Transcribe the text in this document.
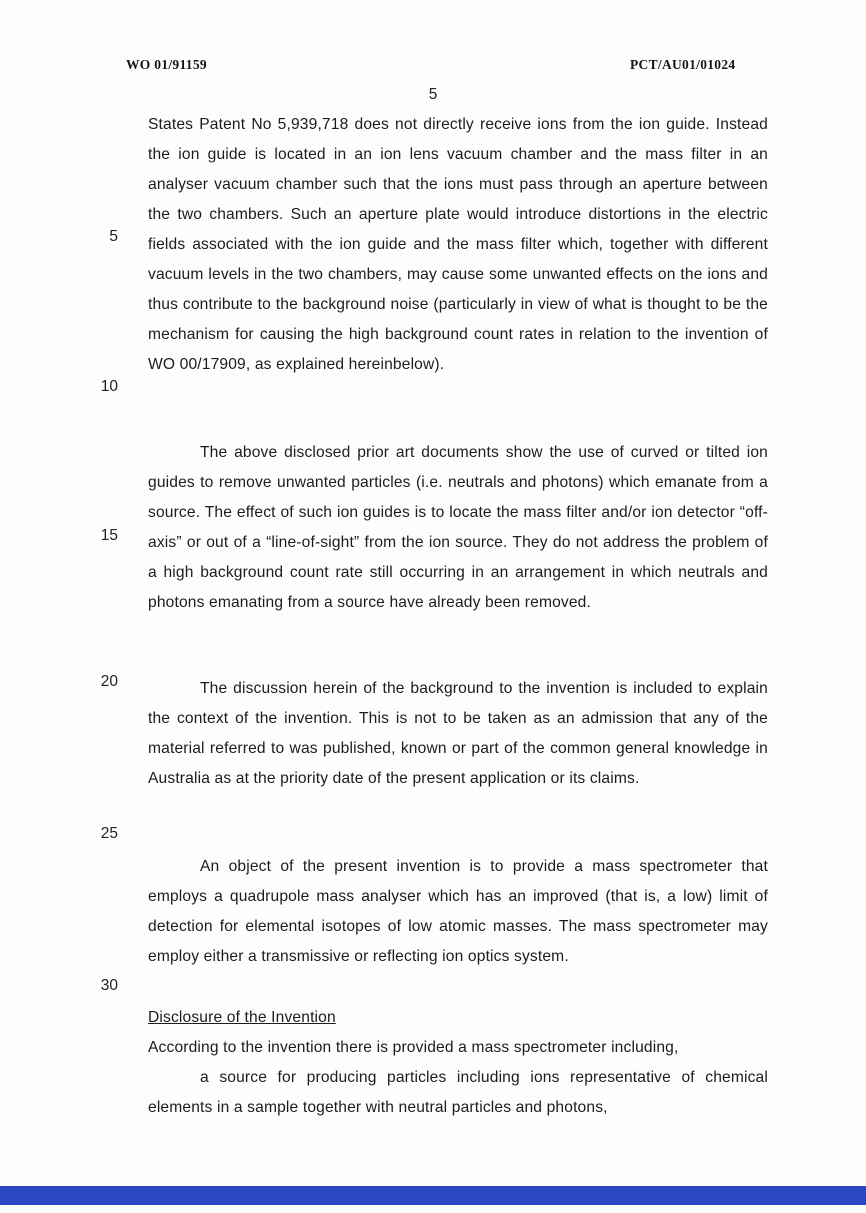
WO 01/91159	PCT/AU01/01024
5
5
10
15
20
25
30
States Patent No 5,939,718 does not directly receive ions from the ion guide. Instead the ion guide is located in an ion lens vacuum chamber and the mass filter in an analyser vacuum chamber such that the ions must pass through an aperture between the two chambers. Such an aperture plate would introduce distortions in the electric fields associated with the ion guide and the mass filter which, together with different vacuum levels in the two chambers, may cause some unwanted effects on the ions and thus contribute to the background noise (particularly in view of what is thought to be the mechanism for causing the high background count rates in relation to the invention of WO 00/17909, as explained hereinbelow).
The above disclosed prior art documents show the use of curved or tilted ion guides to remove unwanted particles (i.e. neutrals and photons) which emanate from a source. The effect of such ion guides is to locate the mass filter and/or ion detector “off-axis” or out of a “line-of-sight” from the ion source. They do not address the problem of a high background count rate still occurring in an arrangement in which neutrals and photons emanating from a source have already been removed.
The discussion herein of the background to the invention is included to explain the context of the invention. This is not to be taken as an admission that any of the material referred to was published, known or part of the common general knowledge in Australia as at the priority date of the present application or its claims.
An object of the present invention is to provide a mass spectrometer that employs a quadrupole mass analyser which has an improved (that is, a low) limit of detection for elemental isotopes of low atomic masses. The mass spectrometer may employ either a transmissive or reflecting ion optics system.
Disclosure of the Invention
According to the invention there is provided a mass spectrometer including,
a source for producing particles including ions representative of chemical elements in a sample together with neutral particles and photons,
